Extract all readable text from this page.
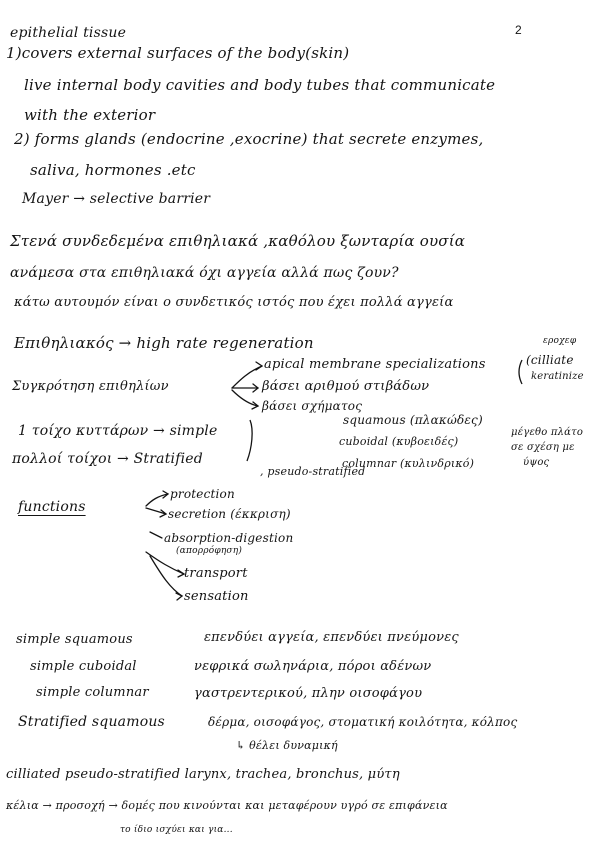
2
epithelial tissue
1)covers external surfaces of the body(skin)
live internal body cavities and body tubes that communicate
with the exterior
2) forms glands (endocrine ,exocrine) that secrete enzymes,
saliva, hormones .etc
Mayer → selective barrier
Στενά συνδεδεμένα επιθηλιακά ,καθόλου ξωνταρία ουσία
ανάμεσα στα επιθηλιακά όχι αγγεία αλλά πως ζουν?
κάτω αυτουμόν είναι ο συνδετικός ιστός που έχει πολλά αγγεία
Επιθηλιακός → high rate regeneration
Συγκρότηση επιθηλίων
apical membrane specializations	(cilliate
keratinize
εροχεφ
βάσει αριθμού στιβάδων
βάσει σχήματος
1 τοίχο κυττάρων → simple
squamous (πλακώδες)
πολλοί τοίχοι → Stratified
cuboidal (κυβοειδές)
μέγεθο πλάτο
σε σχέση με
ύψος
, pseudo-stratified
columnar (κυλινδρικό)
functions
protection
secretion (έκκριση)
absorption-digestion
(απορρόφηση)
transport
sensation
simple squamous	επενδύει αγγεία, επενδύει πνεύμονες
simple cuboidal	νεφρικά σωληνάρια, πόροι αδένων
simple columnar	γαστρεντερικού, πλην οισοφάγου
Stratified squamous	δέρμα, οισοφάγος, στοματική κοιλότητα, κόλπος
↳ θέλει δυναμική
cilliated pseudo-stratified larynx, trachea, bronchus, μύτη
κέλια → προσοχή → δομές που κινούνται και μεταφέρουν υγρό σε επιφάνεια
το ίδιο ισχύει και για...
